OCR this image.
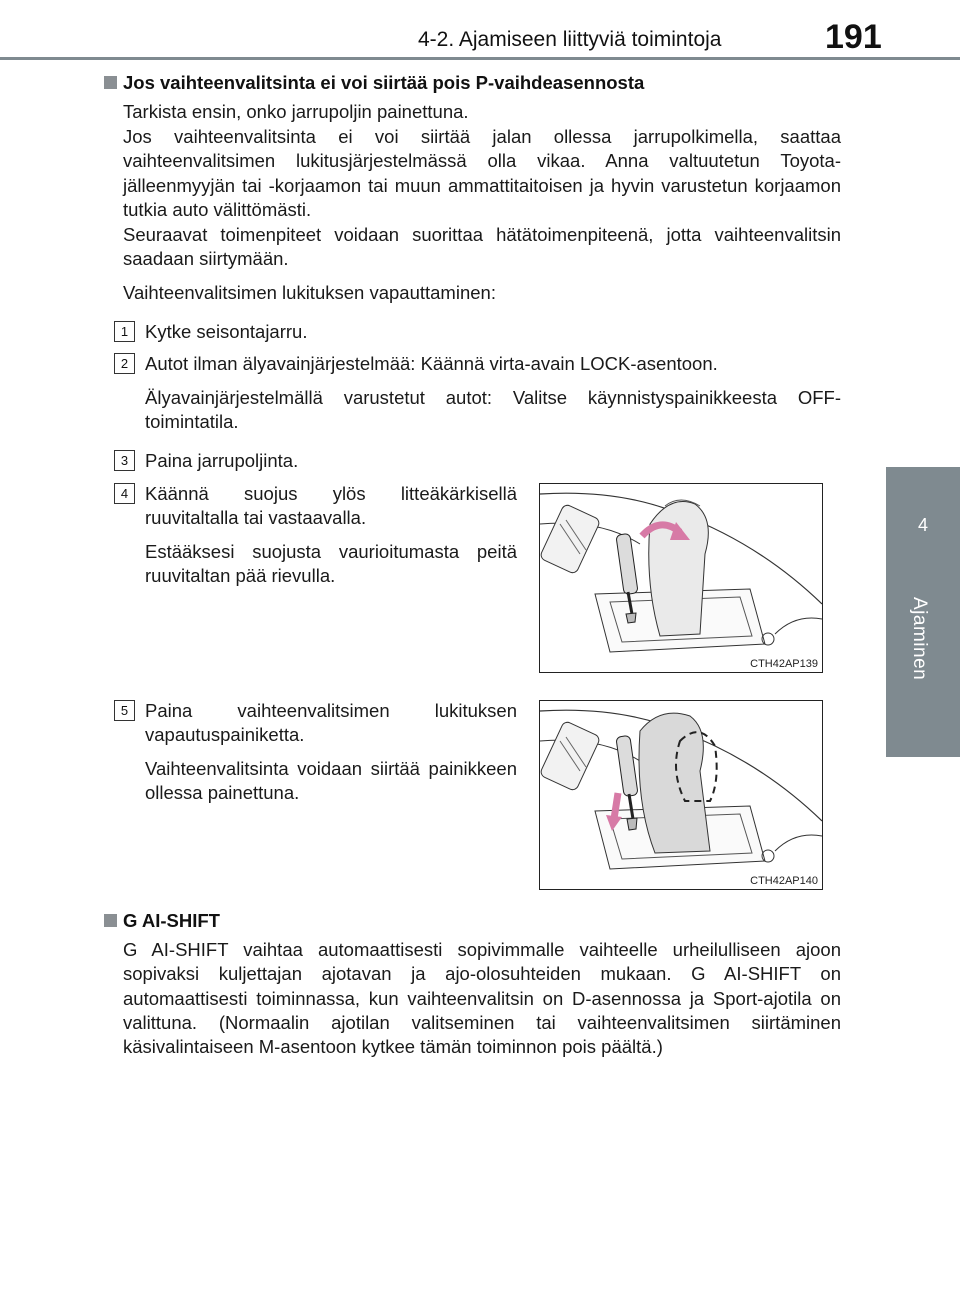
4-2. Ajamiseen liittyviä toimintoja	191
4
Ajaminen
Jos vaihteenvalitsinta ei voi siirtää pois P-vaihdeasennosta
Tarkista ensin, onko jarrupoljin painettuna.
Jos vaihteenvalitsinta ei voi siirtää jalan ollessa jarrupolkimella, saattaa vaihteenvalitsimen lukitusjärjestelmässä olla vikaa. Anna valtuutetun Toyota-jälleenmyyjän tai -korjaamon tai muun ammattitaitoisen ja hyvin varustetun korjaamon tutkia auto välittömästi.
Seuraavat toimenpiteet voidaan suorittaa hätätoimenpiteenä, jotta vaihteenvalitsin saadaan siirtymään.
Vaihteenvalitsimen lukituksen vapauttaminen:
1 Kytke seisontajarru.
2 Autot ilman älyavainjärjestelmää: Käännä virta-avain LOCK-asentoon.
Älyavainjärjestelmällä varustetut autot: Valitse käynnistyspainikkeesta OFF-toimintatila.
3 Paina jarrupoljinta.
4 Käännä suojus ylös litteäkärkisellä ruuvitaltalla tai vastaavalla.
Estääksesi suojusta vaurioitumasta peitä ruuvitaltan pää rievulla.
CTH42AP139
5 Paina vaihteenvalitsimen lukituksen vapautuspainiketta.
Vaihteenvalitsinta voidaan siirtää painikkeen ollessa painettuna.
CTH42AP140
G AI-SHIFT
G AI-SHIFT vaihtaa automaattisesti sopivimmalle vaihteelle urheilulliseen ajoon sopivaksi kuljettajan ajotavan ja ajo-olosuhteiden mukaan. G AI-SHIFT on automaattisesti toiminnassa, kun vaihteenvalitsin on D-asennossa ja Sport-ajotila on valittuna. (Normaalin ajotilan valitseminen tai vaihteenvalitsimen siirtäminen käsivalintaiseen M-asentoon kytkee tämän toiminnon pois päältä.)
